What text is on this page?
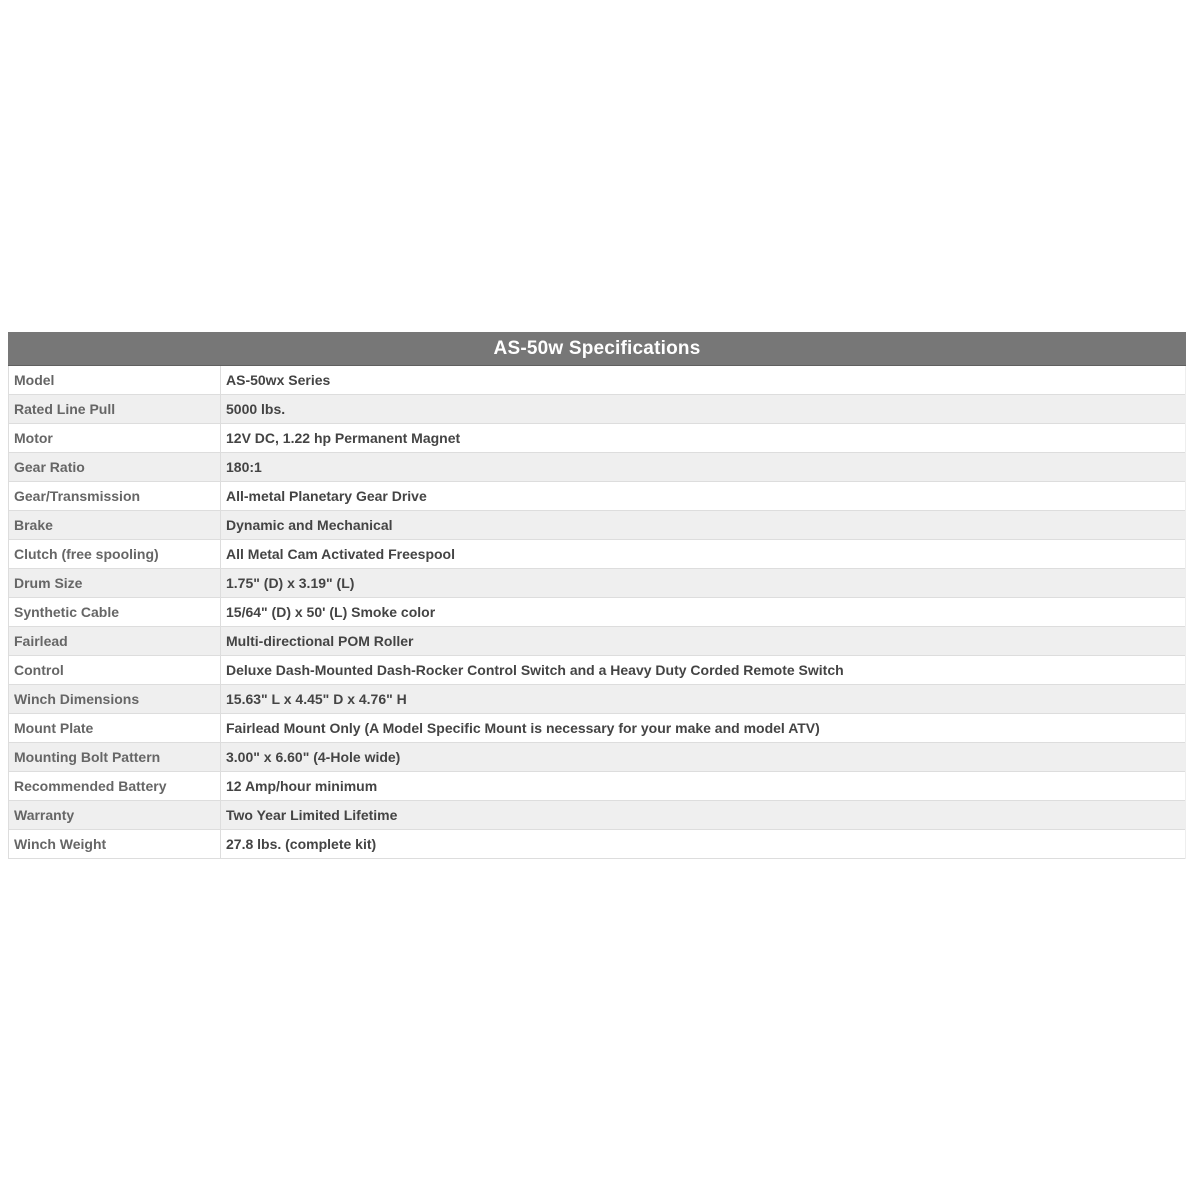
AS-50w Specifications
Model	AS-50wx Series
Rated Line Pull	5000 lbs.
Motor	12V DC, 1.22 hp Permanent Magnet
Gear Ratio	180:1
Gear/Transmission	All-metal Planetary Gear Drive
Brake	Dynamic and Mechanical
Clutch (free spooling)	All Metal Cam Activated Freespool
Drum Size	1.75" (D) x 3.19" (L)
Synthetic Cable	15/64" (D) x 50' (L) Smoke color
Fairlead	Multi-directional POM Roller
Control	Deluxe Dash-Mounted Dash-Rocker Control Switch and a Heavy Duty Corded Remote Switch
Winch Dimensions	15.63" L x 4.45" D x 4.76" H
Mount Plate	Fairlead Mount Only (A Model Specific Mount is necessary for your make and model ATV)
Mounting Bolt Pattern	3.00" x 6.60" (4-Hole wide)
Recommended Battery	12 Amp/hour minimum
Warranty	Two Year Limited Lifetime
Winch Weight	27.8 lbs. (complete kit)
